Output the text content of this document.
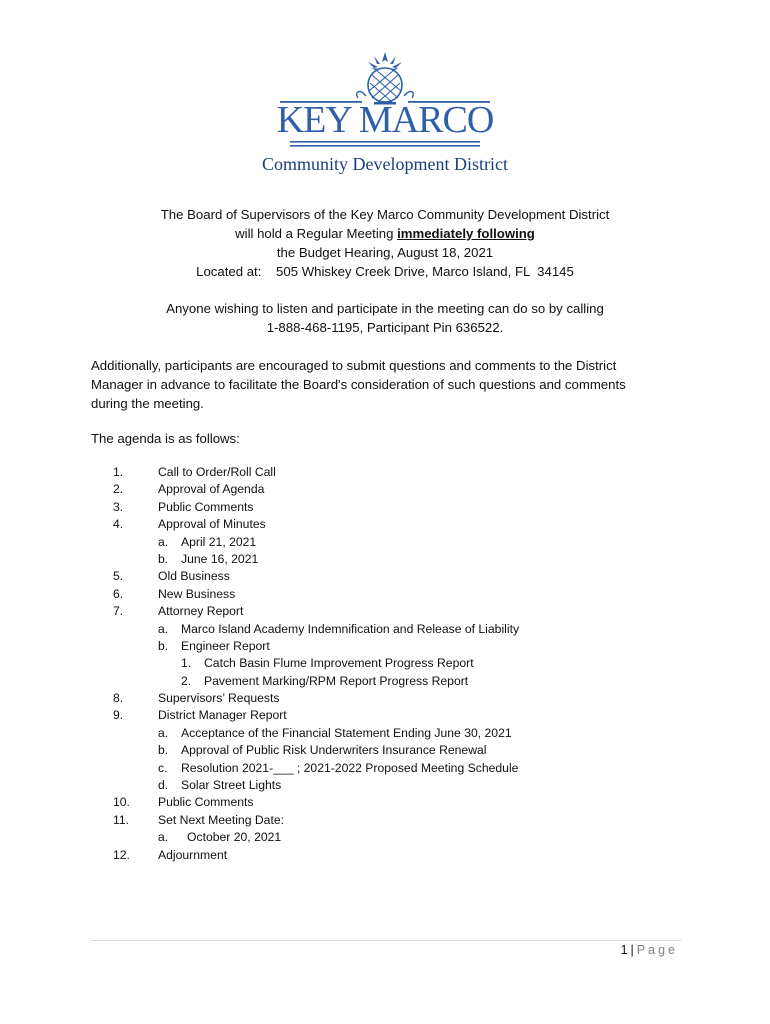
KEY MARCO
Community Development District
The Board of Supervisors of the Key Marco Community Development District
will hold a Regular Meeting immediately following
the Budget Hearing, August 18, 2021
Located at:    505 Whiskey Creek Drive, Marco Island, FL  34145
Anyone wishing to listen and participate in the meeting can do so by calling
1-888-468-1195, Participant Pin 636522.
Additionally, participants are encouraged to submit questions and comments to the District
Manager in advance to facilitate the Board's consideration of such questions and comments
during the meeting.
The agenda is as follows:
1.	Call to Order/Roll Call
2.	Approval of Agenda
3.	Public Comments
4.	Approval of Minutes
a. April 21, 2021
b. June 16, 2021
5.	Old Business
6.	New Business
7.	Attorney Report
a. Marco Island Academy Indemnification and Release of Liability
b. Engineer Report
1. Catch Basin Flume Improvement Progress Report
2. Pavement Marking/RPM Report Progress Report
8.	Supervisors’ Requests
9.	District Manager Report
a. Acceptance of the Financial Statement Ending June 30, 2021
b. Approval of Public Risk Underwriters Insurance Renewal
c. Resolution 2021-___ ; 2021-2022 Proposed Meeting Schedule
d. Solar Street Lights
10.	Public Comments
11.	Set Next Meeting Date:
a. October 20, 2021
12.	Adjournment
1 | Page
